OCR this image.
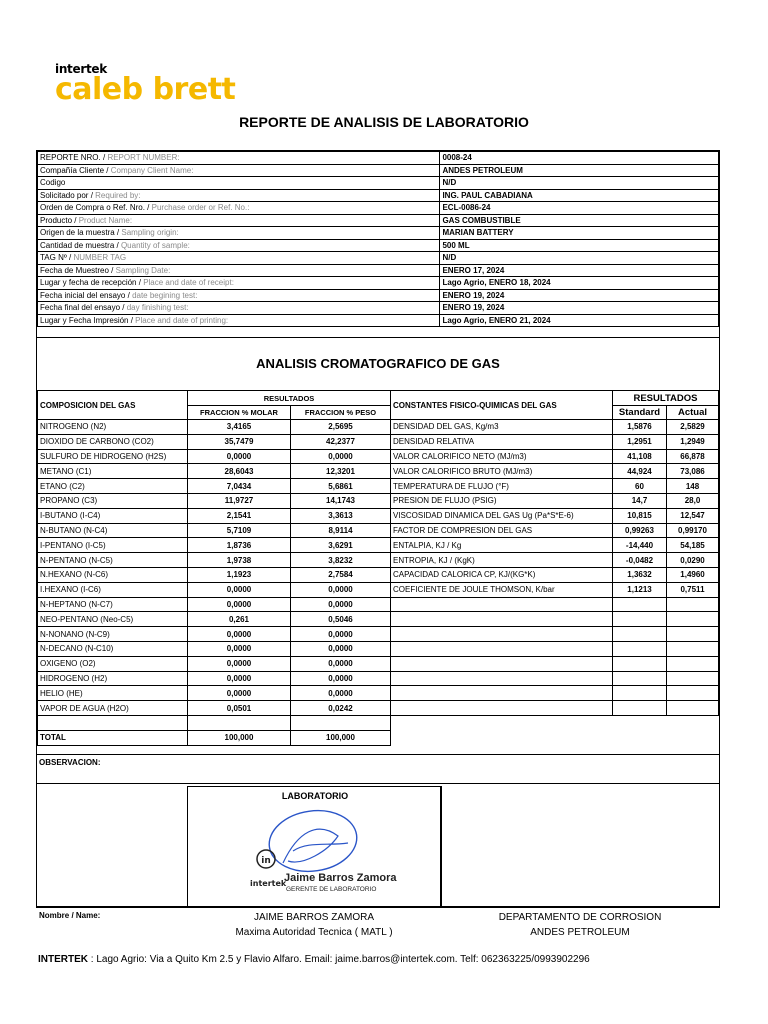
intertek
caleb brett
REPORTE DE ANALISIS DE LABORATORIO
REPORTE NRO. / REPORT NUMBER:	0008-24
Compañía Cliente / Company Client Name:	ANDES PETROLEUM
Codigo	N/D
Solicitado por / Required by:	ING. PAUL CABADIANA
Orden de Compra o Ref. Nro. / Purchase order or Ref. No.:	ECL-0086-24
Producto / Product Name:	GAS COMBUSTIBLE
Origen de la muestra / Sampling origin:	MARIAN BATTERY
Cantidad de muestra / Quantity of sample:	500 ML
TAG Nº / NUMBER TAG	N/D
Fecha de Muestreo / Sampling Date:	ENERO 17, 2024
Lugar y fecha de recepción / Place and date of receipt:	Lago Agrio, ENERO 18, 2024
Fecha inicial del ensayo / date begining test:	ENERO 19, 2024
Fecha final del ensayo / day finishing test:	ENERO 19, 2024
Lugar y Fecha Impresión / Place and date of printing:	Lago Agrio, ENERO 21, 2024
ANALISIS CROMATOGRAFICO DE GAS
COMPOSICION DEL GAS	RESULTADOS	
	FRACCION % MOLAR	FRACCION % PESO
NITROGENO (N2)	3,4165	2,5695
DIOXIDO DE CARBONO (CO2)	35,7479	42,2377
SULFURO DE HIDROGENO (H2S)	0,0000	0,0000
METANO (C1)	28,6043	12,3201
ETANO (C2)	7,0434	5,6861
PROPANO (C3)	11,9727	14,1743
I-BUTANO (I-C4)	2,1541	3,3613
N-BUTANO (N-C4)	5,7109	8,9114
I-PENTANO (I-C5)	1,8736	3,6291
N-PENTANO (N-C5)	1,9738	3,8232
N.HEXANO (N-C6)	1,1923	2,7584
I.HEXANO (I-C6)	0,0000	0,0000
N-HEPTANO (N-C7)	0,0000	0,0000
NEO-PENTANO (Neo-C5)	0,261	0,5046
N-NONANO (N-C9)	0,0000	0,0000
N-DECANO (N-C10)	0,0000	0,0000
OXIGENO (O2)	0,0000	0,0000
HIDROGENO (H2)	0,0000	0,0000
HELIO (HE)	0,0000	0,0000
VAPOR DE AGUA (H2O)	0,0501	0,0242

TOTAL	100,000	100,000
CONSTANTES FISICO-QUIMICAS DEL GAS	RESULTADOS	
	Standard	Actual
DENSIDAD DEL GAS, Kg/m3	1,5876	2,5829
DENSIDAD RELATIVA	1,2951	1,2949
VALOR CALORIFICO NETO (MJ/m3)	41,108	66,878
VALOR CALORIFICO BRUTO (MJ/m3)	44,924	73,086
TEMPERATURA DE FLUJO (°F)	60	148
PRESION DE FLUJO (PSIG)	14,7	28,0
VISCOSIDAD DINAMICA DEL GAS Ug (Pa*S*E-6)	10,815	12,547
FACTOR DE COMPRESION DEL GAS	0,99263	0,99170
ENTALPIA, KJ / Kg	-14,440	54,185
ENTROPIA, KJ / (KgK)	-0,0482	0,0290
CAPACIDAD CALORICA CP, KJ/(KG*K)	1,3632	1,4960
COEFICIENTE DE JOULE THOMSON, K/bar	1,1213	0,7511

OBSERVACION:
LABORATORIO
in
Jaime Barros Zamora
intertek
GERENTE DE LABORATORIO
Nombre / Name:	JAIME BARROS ZAMORA
Maxima Autoridad Tecnica ( MATL )
DEPARTAMENTO DE CORROSION
ANDES PETROLEUM
INTERTEK : Lago Agrio: Via a Quito Km 2.5 y Flavio Alfaro. Email: jaime.barros@intertek.com. Telf: 062363225/0993902296
